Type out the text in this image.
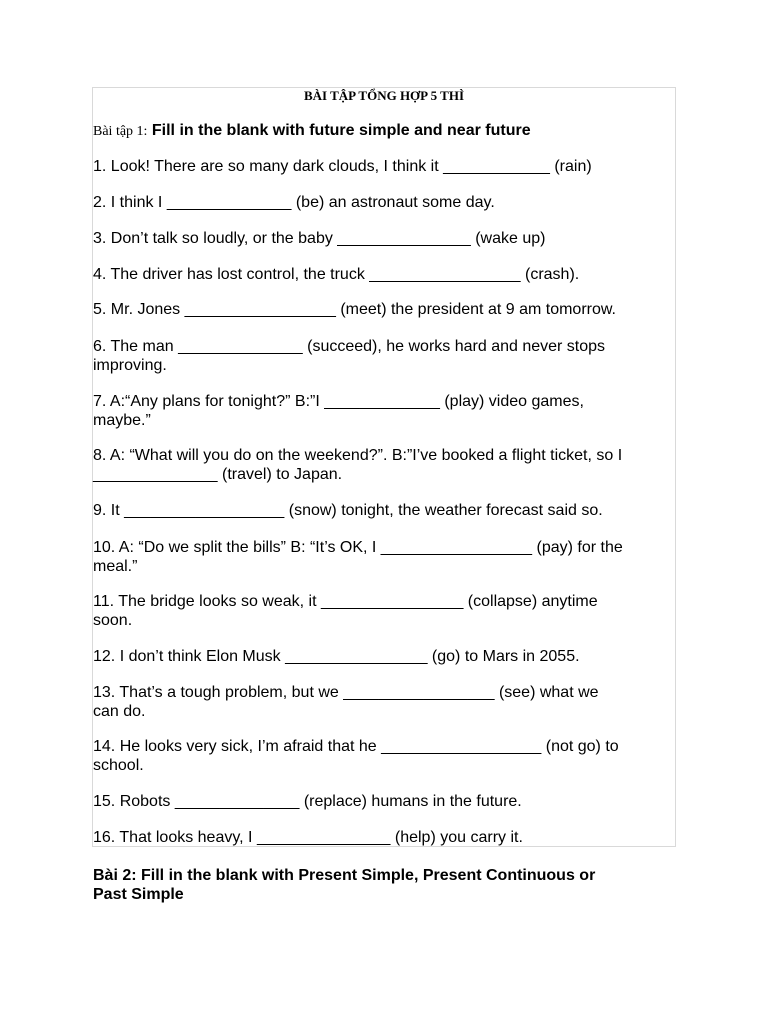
BÀI TẬP TỔNG HỢP 5 THÌ
Bài tập 1: Fill in the blank with future simple and near future
1. Look! There are so many dark clouds, I think it ____________ (rain)
2. I think I ______________ (be) an astronaut some day.
3. Don’t talk so loudly, or the baby _______________ (wake up)
4. The driver has lost control, the truck _________________ (crash).
5. Mr. Jones _________________ (meet) the president at 9 am tomorrow.
6. The man ______________ (succeed), he works hard and never stops
improving.
7. A:“Any plans for tonight?” B:”I _____________ (play) video games,
maybe.”
8. A: “What will you do on the weekend?”. B:”I’ve booked a flight ticket, so I
______________ (travel) to Japan.
9. It __________________ (snow) tonight, the weather forecast said so.
10. A: “Do we split the bills” B: “It’s OK, I _________________ (pay) for the
meal.”
11. The bridge looks so weak, it ________________ (collapse) anytime
soon.
12. I don’t think Elon Musk ________________ (go) to Mars in 2055.
13. That’s a tough problem, but we _________________ (see) what we
can do.
14. He looks very sick, I’m afraid that he __________________ (not go) to
school.
15. Robots ______________ (replace) humans in the future.
16. That looks heavy, I _______________ (help) you carry it.
Bài 2: Fill in the blank with Present Simple, Present Continuous or
Past Simple
